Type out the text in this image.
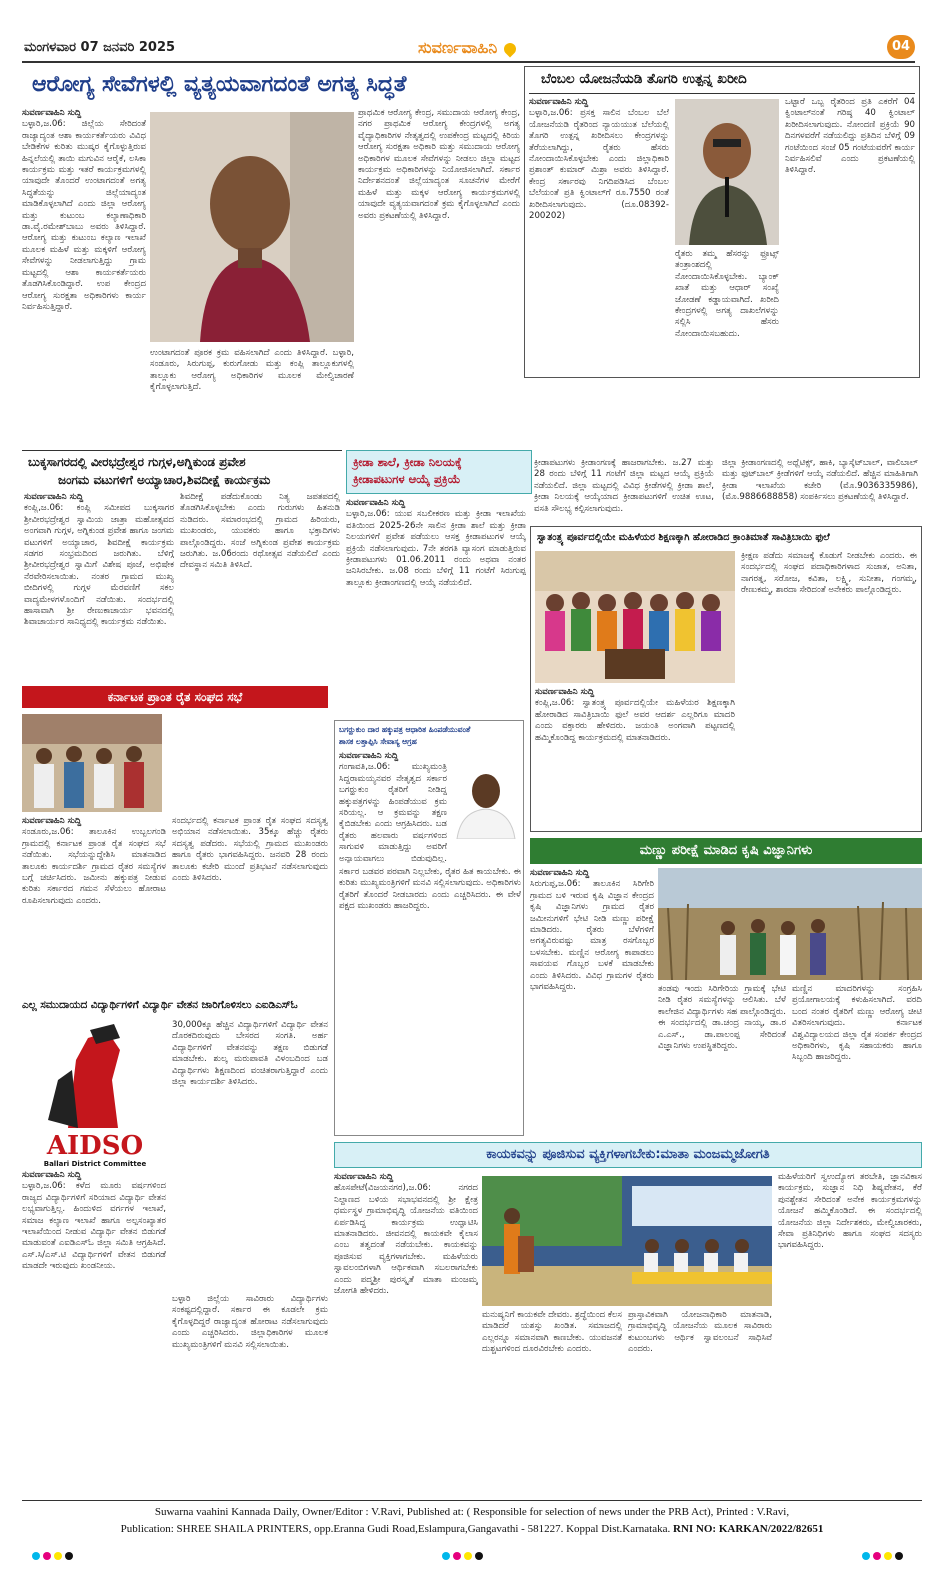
ಮಂಗಳವಾರ 07 ಜನವರಿ 2025	ಸುವರ್ಣವಾಹಿನಿ	04
ಆರೋಗ್ಯ ಸೇವೆಗಳಲ್ಲಿ ವ್ಯತ್ಯಯವಾಗದಂತೆ ಅಗತ್ಯ ಸಿದ್ಧತೆ

ಸುವರ್ಣವಾಹಿನಿ ಸುದ್ದಿ

ಬಳ್ಳಾರಿ,ಜ.06: ಜಿಲ್ಲೆಯ ಸೇರಿದಂತೆ ರಾಜ್ಯಾದ್ಯಂತ ಆಶಾ ಕಾರ್ಯಕರ್ತೆಯರು ವಿವಿಧ ಬೇಡಿಕೆಗಳ ಕುರಿತು ಮುಷ್ಕರ ಕೈಗೊಳ್ಳುತ್ತಿರುವ ಹಿನ್ನಲೆಯಲ್ಲಿ ತಾಯಿ ಮಗುವಿನ ಆರೈಕೆ, ಲಸಿಕಾ ಕಾರ್ಯಕ್ರಮ ಮತ್ತು ಇತರೆ ಕಾರ್ಯಕ್ರಮಗಳಲ್ಲಿ ಯಾವುದೇ ತೊಂದರೆ ಉಂಟಾಗದಂತೆ ಅಗತ್ಯ ಸಿದ್ಧತೆಯನ್ನು ಜಿಲ್ಲೆಯಾದ್ಯಂತ ಮಾಡಿಕೊಳ್ಳಲಾಗಿದೆ ಎಂದು ಜಿಲ್ಲಾ ಆರೋಗ್ಯ ಮತ್ತು ಕುಟುಂಬ ಕಲ್ಯಾಣಾಧಿಕಾರಿ ಡಾ.ವೈ.ರಮೇಶ್‍ಬಾಬು ಅವರು ತಿಳಿಸಿದ್ದಾರೆ. ಆರೋಗ್ಯ ಮತ್ತು ಕುಟುಂಬ ಕಲ್ಯಾಣ ಇಲಾಖೆ ಮೂಲಕ ಮಹಿಳೆ ಮತ್ತು ಮಕ್ಕಳಿಗೆ ಆರೋಗ್ಯ ಸೇವೆಗಳನ್ನು ನೀಡಲಾಗುತ್ತಿದ್ದು ಗ್ರಾಮ ಮಟ್ಟದಲ್ಲಿ ಆಶಾ ಕಾರ್ಯಕರ್ತೆಯರು ತೊಡಗಿಸಿಕೊಂಡಿದ್ದಾರೆ. ಉಪ ಕೇಂದ್ರದ ಆರೋಗ್ಯ ಸುರಕ್ಷತಾ ಅಧಿಕಾರಿಗಳು ಕಾರ್ಯ ನಿರ್ವಹಿಸುತ್ತಿದ್ದಾರೆ.

ಉಂಟಾಗದಂತೆ ಪೂರಕ ಕ್ರಮ ವಹಿಸಲಾಗಿದೆ ಎಂದು ತಿಳಿಸಿದ್ದಾರೆ. ಬಳ್ಳಾರಿ, ಸಂಡೂರು, ಸಿರುಗುಪ್ಪ, ಕುರುಗೋಡು ಮತ್ತು ಕಂಪ್ಲಿ ತಾಲ್ಲೂಕುಗಳಲ್ಲಿ ತಾಲ್ಲೂಕು ಆರೋಗ್ಯ ಅಧಿಕಾರಿಗಳ ಮೂಲಕ ಮೇಲ್ವಿಚಾರಣೆ ಕೈಗೊಳ್ಳಲಾಗುತ್ತಿದೆ.
ಪ್ರಾಥಮಿಕ ಆರೋಗ್ಯ ಕೇಂದ್ರ, ಸಮುದಾಯ ಆರೋಗ್ಯ ಕೇಂದ್ರ, ನಗರ ಪ್ರಾಥಮಿಕ ಆರೋಗ್ಯ ಕೇಂದ್ರಗಳಲ್ಲಿ ಅಗತ್ಯ ವೈದ್ಯಾಧಿಕಾರಿಗಳ ನೇತೃತ್ವದಲ್ಲಿ ಉಪಕೇಂದ್ರ ಮಟ್ಟದಲ್ಲಿ ಕಿರಿಯ ಆರೋಗ್ಯ ಸುರಕ್ಷತಾ ಅಧಿಕಾರಿ ಮತ್ತು ಸಮುದಾಯ ಆರೋಗ್ಯ ಅಧಿಕಾರಿಗಳ ಮೂಲಕ ಸೇವೆಗಳನ್ನು ನೀಡಲು ಜಿಲ್ಲಾ ಮಟ್ಟದ ಕಾರ್ಯಕ್ರಮ ಅಧಿಕಾರಿಗಳನ್ನು ನಿಯೋಜಿಸಲಾಗಿದೆ. ಸರ್ಕಾರ ನಿರ್ದೇಶನದಂತೆ ಜಿಲ್ಲೆಯಾದ್ಯಂತ ಸೂಚನೆಗಳ ಮೇರೆಗೆ ಮಹಿಳೆ ಮತ್ತು ಮಕ್ಕಳ ಆರೋಗ್ಯ ಕಾರ್ಯಕ್ರಮಗಳಲ್ಲಿ ಯಾವುದೇ ವ್ಯತ್ಯಯವಾಗದಂತೆ ಕ್ರಮ ಕೈಗೊಳ್ಳಲಾಗಿದೆ ಎಂದು ಅವರು ಪ್ರಕಟಣೆಯಲ್ಲಿ ತಿಳಿಸಿದ್ದಾರೆ.
ಬೆಂಬಲ ಯೋಜನೆಯಡಿ ತೊಗರಿ ಉತ್ಪನ್ನ ಖರೀದಿ

ಸುವರ್ಣವಾಹಿನಿ ಸುದ್ದಿ

ಬಳ್ಳಾರಿ,ಜ.06: ಪ್ರಸಕ್ತ ಸಾಲಿನ ಬೆಂಬಲ ಬೆಲೆ ಯೋಜನೆಯಡಿ ರೈತರಿಂದ ನ್ಯಾಯಯುತ ಬೆಲೆಯಲ್ಲಿ ತೊಗರಿ ಉತ್ಪನ್ನ ಖರೀದಿಸಲು ಕೇಂದ್ರಗಳನ್ನು ತೆರೆಯಲಾಗಿದ್ದು, ರೈತರು ಹೆಸರು ನೋಂದಾಯಿಸಿಕೊಳ್ಳಬೇಕು ಎಂದು ಜಿಲ್ಲಾಧಿಕಾರಿ ಪ್ರಶಾಂತ್ ಕುಮಾರ್ ಮಿಶ್ರಾ ಅವರು ತಿಳಿಸಿದ್ದಾರೆ. ಕೇಂದ್ರ ಸರ್ಕಾರವು ನಿಗದಿಪಡಿಸಿದ ಬೆಂಬಲ ಬೆಲೆಯಂತೆ ಪ್ರತಿ ಕ್ವಿಂಟಾಲ್‍ಗೆ ರೂ.7550 ರಂತೆ ಖರೀದಿಸಲಾಗುವುದು. (ದೂ.08392-200202)

ರೈತರು ತಮ್ಮ ಹೆಸರನ್ನು ಫ್ರೂಟ್ಸ್ ತಂತ್ರಾಂಶದಲ್ಲಿ ನೋಂದಾಯಿಸಿಕೊಳ್ಳಬೇಕು. ಬ್ಯಾಂಕ್ ಖಾತೆ ಮತ್ತು ಆಧಾರ್ ಸಂಖ್ಯೆ ಜೋಡಣೆ ಕಡ್ಡಾಯವಾಗಿದೆ. ಖರೀದಿ ಕೇಂದ್ರಗಳಲ್ಲಿ ಅಗತ್ಯ ದಾಖಲೆಗಳನ್ನು ಸಲ್ಲಿಸಿ ಹೆಸರು ನೋಂದಾಯಿಸಬಹುದು.
ಒಟ್ಟಾರೆ ಒಬ್ಬ ರೈತರಿಂದ ಪ್ರತಿ ಎಕರೆಗೆ 04 ಕ್ವಿಂಟಾಲ್‍ನಂತೆ ಗರಿಷ್ಠ 40 ಕ್ವಿಂಟಾಲ್ ಖರೀದಿಸಲಾಗುವುದು. ನೋಂದಣಿ ಪ್ರಕ್ರಿಯೆ 90 ದಿನಗಳವರೆಗೆ ನಡೆಯಲಿದ್ದು ಪ್ರತಿದಿನ ಬೆಳಿಗ್ಗೆ 09 ಗಂಟೆಯಿಂದ ಸಂಜೆ 05 ಗಂಟೆಯವರೆಗೆ ಕಾರ್ಯ ನಿರ್ವಹಿಸಲಿವೆ ಎಂದು ಪ್ರಕಟಣೆಯಲ್ಲಿ ತಿಳಿಸಿದ್ದಾರೆ.
ಬುಕ್ಕಸಾಗರದಲ್ಲಿ ವೀರಭದ್ರೇಶ್ವರ ಗುಗ್ಗಳ,ಅಗ್ನಿಕುಂಡ ಪ್ರವೇಶ
ಜಂಗಮ ವಟುಗಳಿಗೆ ಅಯ್ಯಾಚಾರ,ಶಿವದೀಕ್ಷೆ ಕಾರ್ಯಕ್ರಮ

ಸುವರ್ಣವಾಹಿನಿ ಸುದ್ದಿ

ಕಂಪ್ಲಿ,ಜ.06: ಕಂಪ್ಲಿ ಸಮೀಪದ ಬುಕ್ಕಸಾಗರ ಶ್ರೀವೀರಭದ್ರೇಶ್ವರ ಸ್ವಾಮಿಯ ಜಾತ್ರಾ ಮಹೋತ್ಸವದ ಅಂಗವಾಗಿ ಗುಗ್ಗಳ, ಅಗ್ನಿಕುಂಡ ಪ್ರವೇಶ ಹಾಗೂ ಜಂಗಮ ವಟುಗಳಿಗೆ ಅಯ್ಯಾಚಾರ, ಶಿವದೀಕ್ಷೆ ಕಾರ್ಯಕ್ರಮ ಸಡಗರ ಸಂಭ್ರಮದಿಂದ ಜರುಗಿತು. ಬೆಳಿಗ್ಗೆ ಶ್ರೀವೀರಭದ್ರೇಶ್ವರ ಸ್ವಾಮಿಗೆ ವಿಶೇಷ ಪೂಜೆ, ಅಭಿಷೇಕ ನೆರವೇರಿಸಲಾಯಿತು. ನಂತರ ಗ್ರಾಮದ ಮುಖ್ಯ ಬೀದಿಗಳಲ್ಲಿ ಗುಗ್ಗಳ ಮೆರವಣಿಗೆ ಸಕಲ ವಾದ್ಯಮೇಳಗಳೊಂದಿಗೆ ನಡೆಯಿತು. ಸಂದರ್ಭದಲ್ಲಿ ಹಾಸಾವಾಗಿ ಶ್ರೀ ರೇಣುಕಾಚಾರ್ಯ ಭವನದಲ್ಲಿ ಶಿವಾಚಾರ್ಯರ ಸಾನಿಧ್ಯದಲ್ಲಿ ಕಾರ್ಯಕ್ರಮ ನಡೆಯಿತು.

ಶಿವದೀಕ್ಷೆ ಪಡೆದುಕೊಂಡು ನಿತ್ಯ ಜಪತಪದಲ್ಲಿ ತೊಡಗಿಸಿಕೊಳ್ಳಬೇಕು ಎಂದು ಗುರುಗಳು ಹಿತನುಡಿ ನುಡಿದರು. ಸಮಾರಂಭದಲ್ಲಿ ಗ್ರಾಮದ ಹಿರಿಯರು, ಮುಖಂಡರು, ಯುವಕರು ಹಾಗೂ ಭಕ್ತಾದಿಗಳು ಪಾಲ್ಗೊಂಡಿದ್ದರು. ಸಂಜೆ ಅಗ್ನಿಕುಂಡ ಪ್ರವೇಶ ಕಾರ್ಯಕ್ರಮ ಜರುಗಿತು. ಜ.06ರಂದು ರಥೋತ್ಸವ ನಡೆಯಲಿದೆ ಎಂದು ದೇವಸ್ಥಾನ ಸಮಿತಿ ತಿಳಿಸಿದೆ.
ಕ್ರೀಡಾ ಶಾಲೆ, ಕ್ರೀಡಾ ನಿಲಯಕ್ಕೆ
ಕ್ರೀಡಾಪಟುಗಳ ಆಯ್ಕೆ ಪ್ರಕ್ರಿಯೆ

ಸುವರ್ಣವಾಹಿನಿ ಸುದ್ದಿ

ಬಳ್ಳಾರಿ,ಜ.06: ಯುವ ಸಬಲೀಕರಣ ಮತ್ತು ಕ್ರೀಡಾ ಇಲಾಖೆಯ ವತಿಯಿಂದ 2025-26ನೇ ಸಾಲಿನ ಕ್ರೀಡಾ ಶಾಲೆ ಮತ್ತು ಕ್ರೀಡಾ ನಿಲಯಗಳಿಗೆ ಪ್ರವೇಶ ಪಡೆಯಲು ಆಸಕ್ತ ಕ್ರೀಡಾಪಟುಗಳ ಆಯ್ಕೆ ಪ್ರಕ್ರಿಯೆ ನಡೆಸಲಾಗುವುದು. 7ನೇ ತರಗತಿ ವ್ಯಾಸಂಗ ಮಾಡುತ್ತಿರುವ ಕ್ರೀಡಾಪಟುಗಳು 01.06.2011 ರಂದು ಅಥವಾ ನಂತರ ಜನಿಸಿರಬೇಕು. ಜ.08 ರಂದು ಬೆಳಿಗ್ಗೆ 11 ಗಂಟೆಗೆ ಸಿರುಗುಪ್ಪ ತಾಲ್ಲೂಕು ಕ್ರೀಡಾಂಗಣದಲ್ಲಿ ಆಯ್ಕೆ ನಡೆಯಲಿದೆ.

ಕ್ರೀಡಾಪಟುಗಳು ಕ್ರೀಡಾಂಗಣಕ್ಕೆ ಹಾಜರಾಗಬೇಕು. ಜ.27 ಮತ್ತು 28 ರಂದು ಬೆಳಿಗ್ಗೆ 11 ಗಂಟೆಗೆ ಜಿಲ್ಲಾ ಮಟ್ಟದ ಆಯ್ಕೆ ಪ್ರಕ್ರಿಯೆ ನಡೆಯಲಿದೆ. ಜಿಲ್ಲಾ ಮಟ್ಟದಲ್ಲಿ ವಿವಿಧ ಕ್ರೀಡೆಗಳಲ್ಲಿ ಕ್ರೀಡಾ ಶಾಲೆ, ಕ್ರೀಡಾ ನಿಲಯಕ್ಕೆ ಆಯ್ಕೆಯಾದ ಕ್ರೀಡಾಪಟುಗಳಿಗೆ ಉಚಿತ ಊಟ, ವಸತಿ ಸೌಲಭ್ಯ ಕಲ್ಪಿಸಲಾಗುವುದು.
ಜಿಲ್ಲಾ ಕ್ರೀಡಾಂಗಣದಲ್ಲಿ ಅಥ್ಲೆಟಿಕ್ಸ್, ಹಾಕಿ, ಬ್ಯಾಸ್ಕೆಟ್‍ಬಾಲ್, ವಾಲಿಬಾಲ್ ಮತ್ತು ಫುಟ್‍ಬಾಲ್ ಕ್ರೀಡೆಗಳಿಗೆ ಆಯ್ಕೆ ನಡೆಯಲಿದೆ. ಹೆಚ್ಚಿನ ಮಾಹಿತಿಗಾಗಿ ಕ್ರೀಡಾ ಇಲಾಖೆಯ ಕಚೇರಿ (ಮೊ.9036335986), (ಮೊ.9886688858) ಸಂಪರ್ಕಿಸಲು ಪ್ರಕಟಣೆಯಲ್ಲಿ ತಿಳಿಸಿದ್ದಾರೆ.
ಸ್ವಾತಂತ್ರ್ಯ ಪೂರ್ವದಲ್ಲಿಯೇ ಮಹಿಳೆಯರ ಶಿಕ್ಷಣಕ್ಕಾಗಿ ಹೋರಾಡಿದ ಕ್ರಾಂತಿಮಾತೆ ಸಾವಿತ್ರಿಬಾಯಿ ಫುಲೆ

ಸುವರ್ಣವಾಹಿನಿ ಸುದ್ದಿ

ಕಂಪ್ಲಿ,ಜ.06: ಸ್ವಾತಂತ್ರ್ಯ ಪೂರ್ವದಲ್ಲಿಯೇ ಮಹಿಳೆಯರ ಶಿಕ್ಷಣಕ್ಕಾಗಿ ಹೋರಾಡಿದ ಸಾವಿತ್ರಿಬಾಯಿ ಫುಲೆ ಅವರ ಆದರ್ಶ ಎಲ್ಲರಿಗೂ ಮಾದರಿ ಎಂದು ವಕ್ತಾರರು ಹೇಳಿದರು. ಜಯಂತಿ ಅಂಗವಾಗಿ ಪಟ್ಟಣದಲ್ಲಿ ಹಮ್ಮಿಕೊಂಡಿದ್ದ ಕಾರ್ಯಕ್ರಮದಲ್ಲಿ ಮಾತನಾಡಿದರು.

ಕ್ರೀಕ್ಷಣ ಪಡೆದು ಸಮಾಜಕ್ಕೆ ಕೊಡುಗೆ ನೀಡಬೇಕು ಎಂದರು. ಈ ಸಂದರ್ಭದಲ್ಲಿ ಸಂಘದ ಪದಾಧಿಕಾರಿಗಳಾದ ಸುಜಾತ, ಅನಿತಾ, ನಾಗರತ್ನ, ಸರೋಜ, ಕವಿತಾ, ಲಕ್ಷ್ಮಿ, ಸುನೀತಾ, ಗಂಗಮ್ಮ, ರೇಣುಕಮ್ಮ, ಶಾರದಾ ಸೇರಿದಂತೆ ಅನೇಕರು ಪಾಲ್ಗೊಂಡಿದ್ದರು.
ಕರ್ನಾಟಕ ಪ್ರಾಂತ ರೈತ ಸಂಘದ ಸಭೆ

ಸುವರ್ಣವಾಹಿನಿ ಸುದ್ದಿ

ಸಂಡೂರು,ಜ.06: ತಾಲೂಕಿನ ಉಬ್ಬಲಗಂಡಿ ಗ್ರಾಮದಲ್ಲಿ ಕರ್ನಾಟಕ ಪ್ರಾಂತ ರೈತ ಸಂಘದ ಸಭೆ ನಡೆಯಿತು. ಸಭೆಯನ್ನುದ್ದೇಶಿಸಿ ಮಾತನಾಡಿದ ತಾಲೂಕು ಕಾರ್ಯದರ್ಶಿ ಗ್ರಾಮದ ರೈತರ ಸಮಸ್ಯೆಗಳ ಬಗ್ಗೆ ಚರ್ಚಿಸಿದರು. ಜಮೀನು ಹಕ್ಕುಪತ್ರ ನೀಡುವ ಕುರಿತು ಸರ್ಕಾರದ ಗಮನ ಸೆಳೆಯಲು ಹೋರಾಟ ರೂಪಿಸಲಾಗುವುದು ಎಂದರು.

ಸಂದರ್ಭದಲ್ಲಿ ಕರ್ನಾಟಕ ಪ್ರಾಂತ ರೈತ ಸಂಘದ ಸದಸ್ಯತ್ವ ಅಭಿಯಾನ ನಡೆಸಲಾಯಿತು. 35ಕ್ಕೂ ಹೆಚ್ಚು ರೈತರು ಸದಸ್ಯತ್ವ ಪಡೆದರು. ಸಭೆಯಲ್ಲಿ ಗ್ರಾಮದ ಮುಖಂಡರು ಹಾಗೂ ರೈತರು ಭಾಗವಹಿಸಿದ್ದರು. ಜನವರಿ 28 ರಂದು ತಾಲೂಕು ಕಚೇರಿ ಮುಂದೆ ಪ್ರತಿಭಟನೆ ನಡೆಸಲಾಗುವುದು ಎಂದು ತಿಳಿಸಿದರು.
ಬಗರ್‍ಹುಕುಂ ದಾರ ಹಕ್ಕುಪತ್ರ ಆಧಾರಿತ ಹಿಂಪಡೆಯುವಂತೆ
ಶಾಸಕ ಲತ್ತಾಪ್ಪಿಸಿ ಸೇವಾಸ್ಯ ಆಗ್ರಹ

ಸುವರ್ಣವಾಹಿನಿ ಸುದ್ದಿ

ಗಂಗಾವತಿ,ಜ.06: ಮುಖ್ಯಮಂತ್ರಿ ಸಿದ್ದರಾಮಯ್ಯನವರ ನೇತೃತ್ವದ ಸರ್ಕಾರ ಬಗರ್‍ಹುಕುಂ ರೈತರಿಗೆ ನೀಡಿದ್ದ ಹಕ್ಕುಪತ್ರಗಳನ್ನು ಹಿಂಪಡೆಯುವ ಕ್ರಮ ಸರಿಯಲ್ಲ. ಆ ಕ್ರಮವನ್ನು ತಕ್ಷಣ ಕೈಬಿಡಬೇಕು ಎಂದು ಆಗ್ರಹಿಸಿದರು. ಬಡ ರೈತರು ಹಲವಾರು ವರ್ಷಗಳಿಂದ ಸಾಗುವಳಿ ಮಾಡುತ್ತಿದ್ದು ಅವರಿಗೆ ಅನ್ಯಾಯವಾಗಲು ಬಿಡುವುದಿಲ್ಲ.

ಸರ್ಕಾರ ಬಡವರ ಪರವಾಗಿ ನಿಲ್ಲಬೇಕು, ರೈತರ ಹಿತ ಕಾಯಬೇಕು. ಈ ಕುರಿತು ಮುಖ್ಯಮಂತ್ರಿಗಳಿಗೆ ಮನವಿ ಸಲ್ಲಿಸಲಾಗುವುದು. ಅಧಿಕಾರಿಗಳು ರೈತರಿಗೆ ತೊಂದರೆ ನೀಡಬಾರದು ಎಂದು ಎಚ್ಚರಿಸಿದರು. ಈ ವೇಳೆ ಪಕ್ಷದ ಮುಖಂಡರು ಹಾಜರಿದ್ದರು.
ಮಣ್ಣು ಪರೀಕ್ಷೆ ಮಾಡಿದ ಕೃಷಿ ವಿಜ್ಞಾನಿಗಳು

ಸುವರ್ಣವಾಹಿನಿ ಸುದ್ದಿ

ಸಿರುಗುಪ್ಪ,ಜ.06: ತಾಲೂಕಿನ ಸಿರಿಗೇರಿ ಗ್ರಾಮದ ಬಳಿ ಇರುವ ಕೃಷಿ ವಿಜ್ಞಾನ ಕೇಂದ್ರದ ಕೃಷಿ ವಿಜ್ಞಾನಿಗಳು ಗ್ರಾಮದ ರೈತರ ಜಮೀನುಗಳಿಗೆ ಭೇಟಿ ನೀಡಿ ಮಣ್ಣು ಪರೀಕ್ಷೆ ಮಾಡಿದರು. ರೈತರು ಬೆಳೆಗಳಿಗೆ ಅಗತ್ಯವಿರುವಷ್ಟು ಮಾತ್ರ ರಸಗೊಬ್ಬರ ಬಳಸಬೇಕು. ಮಣ್ಣಿನ ಆರೋಗ್ಯ ಕಾಪಾಡಲು ಸಾವಯವ ಗೊಬ್ಬರ ಬಳಕೆ ಮಾಡಬೇಕು ಎಂದು ತಿಳಿಸಿದರು. ವಿವಿಧ ಗ್ರಾಮಗಳ ರೈತರು ಭಾಗವಹಿಸಿದ್ದರು.	ತಂಡವು ಇಂದು ಸಿರಿಗೇರಿಯ ಗ್ರಾಮಕ್ಕೆ ಭೇಟಿ ನೀಡಿ ರೈತರ ಸಮಸ್ಯೆಗಳನ್ನು ಆಲಿಸಿತು. ಬೆಳೆ ಕಾಲೇಜಿನ ವಿದ್ಯಾರ್ಥಿಗಳು ಸಹ ಪಾಲ್ಗೊಂಡಿದ್ದರು. ಈ ಸಂದರ್ಭದಲ್ಲಿ ಡಾ.ಚಂದ್ರ ನಾಯ್ಕ, ಡಾ.ರ ಎ.ಎಸ್., ಡಾ.ಪಾಲಂಪ್ಪ ಸೇರಿದಂತೆ ವಿಜ್ಞಾನಿಗಳು ಉಪಸ್ಥಿತರಿದ್ದರು.
ಮಣ್ಣಿನ ಮಾದರಿಗಳನ್ನು ಸಂಗ್ರಹಿಸಿ ಪ್ರಯೋಗಾಲಯಕ್ಕೆ ಕಳುಹಿಸಲಾಗಿದೆ. ವರದಿ ಬಂದ ನಂತರ ರೈತರಿಗೆ ಮಣ್ಣು ಆರೋಗ್ಯ ಚೀಟಿ ವಿತರಿಸಲಾಗುವುದು. ಕರ್ನಾಟಕ ವಿಶ್ವವಿದ್ಯಾಲಯದ ಜಿಲ್ಲಾ ರೈತ ಸಂಪರ್ಕ ಕೇಂದ್ರದ ಅಧಿಕಾರಿಗಳು, ಕೃಷಿ ಸಹಾಯಕರು ಹಾಗೂ ಸಿಬ್ಬಂದಿ ಹಾಜರಿದ್ದರು.
ಎಲ್ಲ ಸಮುದಾಯದ ವಿದ್ಯಾರ್ಥಿಗಳಿಗೆ ವಿದ್ಯಾರ್ಥಿ ವೇತನ ಜಾರಿಗೊಳಿಸಲು ಎಐಡಿಎಸ್‍ಓ
AIDSO
Ballari District Committee

ಸುವರ್ಣವಾಹಿನಿ ಸುದ್ದಿ

ಬಳ್ಳಾರಿ,ಜ.06: ಕಳೆದ ಮೂರು ವರ್ಷಗಳಿಂದ ರಾಜ್ಯದ ವಿದ್ಯಾರ್ಥಿಗಳಿಗೆ ಸರಿಯಾದ ವಿದ್ಯಾರ್ಥಿ ವೇತನ ಲಭ್ಯವಾಗುತ್ತಿಲ್ಲ. ಹಿಂದುಳಿದ ವರ್ಗಗಳ ಇಲಾಖೆ, ಸಮಾಜ ಕಲ್ಯಾಣ ಇಲಾಖೆ ಹಾಗೂ ಅಲ್ಪಸಂಖ್ಯಾತರ ಇಲಾಖೆಯಿಂದ ನೀಡುವ ವಿದ್ಯಾರ್ಥಿ ವೇತನ ಬಿಡುಗಡೆ ಮಾಡುವಂತೆ ಎಐಡಿಎಸ್‍ಓ ಜಿಲ್ಲಾ ಸಮಿತಿ ಆಗ್ರಹಿಸಿದೆ. ಎಸ್.ಸಿ/ಎಸ್.ಟಿ ವಿದ್ಯಾರ್ಥಿಗಳಿಗೆ ವೇತನ ಬಿಡುಗಡೆ ಮಾಡದೇ ಇರುವುದು ಖಂಡನೀಯ.

30,000ಕ್ಕೂ ಹೆಚ್ಚಿನ ವಿದ್ಯಾರ್ಥಿಗಳಿಗೆ ವಿದ್ಯಾರ್ಥಿ ವೇತನ ದೊರಕದಿರುವುದು ಬೇಸರದ ಸಂಗತಿ. ಅರ್ಹ ವಿದ್ಯಾರ್ಥಿಗಳಿಗೆ ವೇತನವನ್ನು ತಕ್ಷಣ ಬಿಡುಗಡೆ ಮಾಡಬೇಕು. ಶುಲ್ಕ ಮರುಪಾವತಿ ವಿಳಂಬದಿಂದ ಬಡ ವಿದ್ಯಾರ್ಥಿಗಳು ಶಿಕ್ಷಣದಿಂದ ವಂಚಿತರಾಗುತ್ತಿದ್ದಾರೆ ಎಂದು ಜಿಲ್ಲಾ ಕಾರ್ಯದರ್ಶಿ ತಿಳಿಸಿದರು.
ಬಳ್ಳಾರಿ ಜಿಲ್ಲೆಯ ಸಾವಿರಾರು ವಿದ್ಯಾರ್ಥಿಗಳು ಸಂಕಷ್ಟದಲ್ಲಿದ್ದಾರೆ. ಸರ್ಕಾರ ಈ ಕೂಡಲೇ ಕ್ರಮ ಕೈಗೊಳ್ಳದಿದ್ದರೆ ರಾಜ್ಯಾದ್ಯಂತ ಹೋರಾಟ ನಡೆಸಲಾಗುವುದು ಎಂದು ಎಚ್ಚರಿಸಿದರು. ಜಿಲ್ಲಾಧಿಕಾರಿಗಳ ಮೂಲಕ ಮುಖ್ಯಮಂತ್ರಿಗಳಿಗೆ ಮನವಿ ಸಲ್ಲಿಸಲಾಯಿತು.
ಕಾಯಕವನ್ನು ಪೂಜಿಸುವ ವ್ಯಕ್ತಿಗಳಾಗಬೇಕು:ಮಾತಾ ಮಂಜಮ್ಮಜೋಗತಿ

ಸುವರ್ಣವಾಹಿನಿ ಸುದ್ದಿ

ಹೊಸಪೇಟೆ(ವಿಜಯನಗರ),ಜ.06: ನಗರದ ನಿಲ್ದಾಣದ ಬಳಿಯ ಸಭಾಭವನದಲ್ಲಿ ಶ್ರೀ ಕ್ಷೇತ್ರ ಧರ್ಮಸ್ಥಳ ಗ್ರಾಮಾಭಿವೃದ್ಧಿ ಯೋಜನೆಯ ವತಿಯಿಂದ ಏರ್ಪಡಿಸಿದ್ದ ಕಾರ್ಯಕ್ರಮ ಉದ್ಘಾಟಿಸಿ ಮಾತನಾಡಿದರು. ಜೀವನದಲ್ಲಿ ಕಾಯಕವೇ ಕೈಲಾಸ ಎಂಬ ತತ್ವದಂತೆ ನಡೆಯಬೇಕು. ಕಾಯಕವನ್ನು ಪೂಜಿಸುವ ವ್ಯಕ್ತಿಗಳಾಗಬೇಕು. ಮಹಿಳೆಯರು ಸ್ವಾವಲಂಬಿಗಳಾಗಿ ಆರ್ಥಿಕವಾಗಿ ಸಬಲರಾಗಬೇಕು ಎಂದು ಪದ್ಮಶ್ರೀ ಪುರಸ್ಕೃತೆ ಮಾತಾ ಮಂಜಮ್ಮ ಜೋಗತಿ ಹೇಳಿದರು.

ಮನುಷ್ಯನಿಗೆ ಕಾಯಕವೇ ದೇವರು. ಶ್ರದ್ಧೆಯಿಂದ ಕೆಲಸ ಮಾಡಿದರೆ ಯಶಸ್ಸು ಖಂಡಿತ. ಸಮಾಜದಲ್ಲಿ ಎಲ್ಲರನ್ನೂ ಸಮಾನವಾಗಿ ಕಾಣಬೇಕು. ಯುವಜನತೆ ದುಶ್ಚಟಗಳಿಂದ ದೂರವಿರಬೇಕು ಎಂದರು.
ಪ್ರಾಸ್ತಾವಿಕವಾಗಿ ಯೋಜನಾಧಿಕಾರಿ ಮಾತನಾಡಿ, ಗ್ರಾಮಾಭಿವೃದ್ಧಿ ಯೋಜನೆಯ ಮೂಲಕ ಸಾವಿರಾರು ಕುಟುಂಬಗಳು ಆರ್ಥಿಕ ಸ್ವಾವಲಂಬನೆ ಸಾಧಿಸಿವೆ ಎಂದರು.
ಮಹಿಳೆಯರಿಗೆ ಸ್ವಉದ್ಯೋಗ ತರಬೇತಿ, ಜ್ಞಾನವಿಕಾಸ ಕಾರ್ಯಕ್ರಮ, ಸುಜ್ಞಾನ ನಿಧಿ ಶಿಷ್ಯವೇತನ, ಕೆರೆ ಪುನಶ್ಚೇತನ ಸೇರಿದಂತೆ ಅನೇಕ ಕಾರ್ಯಕ್ರಮಗಳನ್ನು ಯೋಜನೆ ಹಮ್ಮಿಕೊಂಡಿದೆ. ಈ ಸಂದರ್ಭದಲ್ಲಿ ಯೋಜನೆಯ ಜಿಲ್ಲಾ ನಿರ್ದೇಶಕರು, ಮೇಲ್ವಿಚಾರಕರು, ಸೇವಾ ಪ್ರತಿನಿಧಿಗಳು ಹಾಗೂ ಸಂಘದ ಸದಸ್ಯರು ಭಾಗವಹಿಸಿದ್ದರು.
Suwarna vaahini Kannada Daily, Owner/Editor : V.Ravi, Published at: ( Responsible for selection of news under the PRB Act), Printed : V.Ravi,
Publication: SHREE SHAILA PRINTERS, opp.Eranna Gudi Road,Eslampura,Gangavathi - 581227. Koppal Dist.Karnataka. RNI NO: KARKAN/2022/82651
